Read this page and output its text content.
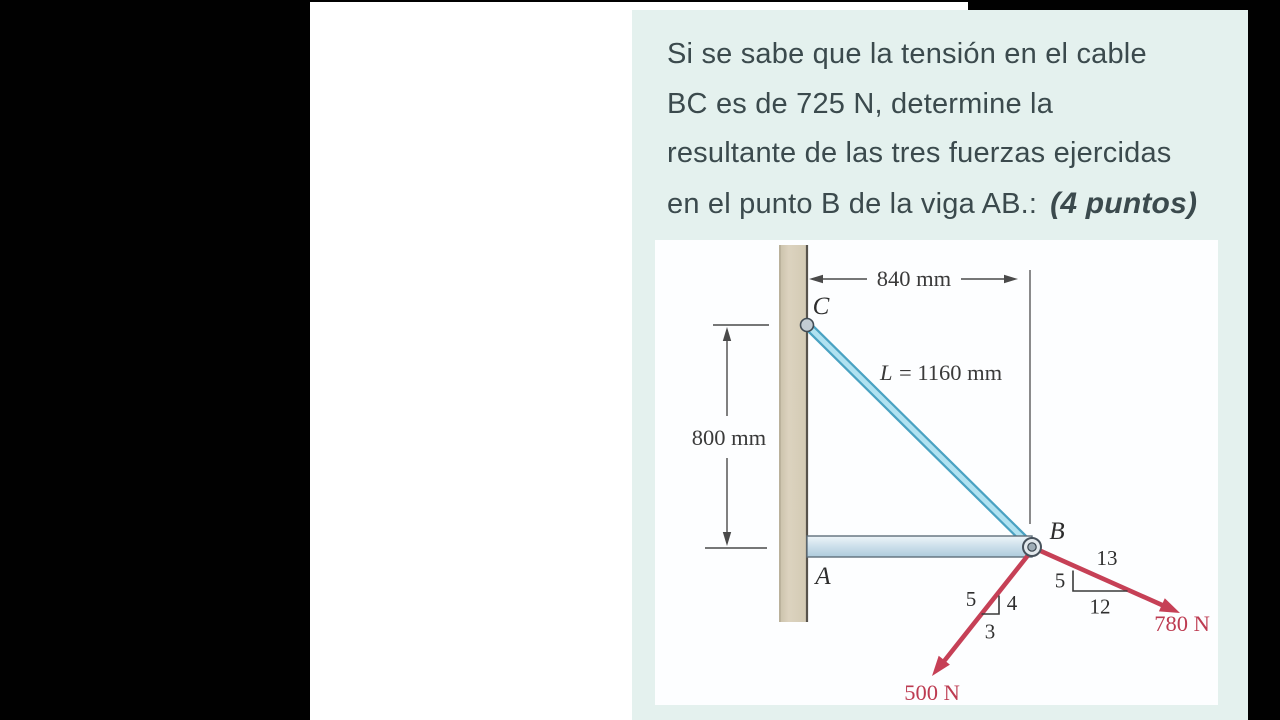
Si se sabe que la tensión en el cable
BC es de 725 N, determine la
resultante de las tres fuerzas ejercidas
en el punto B de la viga AB.: (4 puntos)
840 mm
800 mm
L = 1160 mm
13
5
12
5 4
3	780 N
500 N
C
A
B
